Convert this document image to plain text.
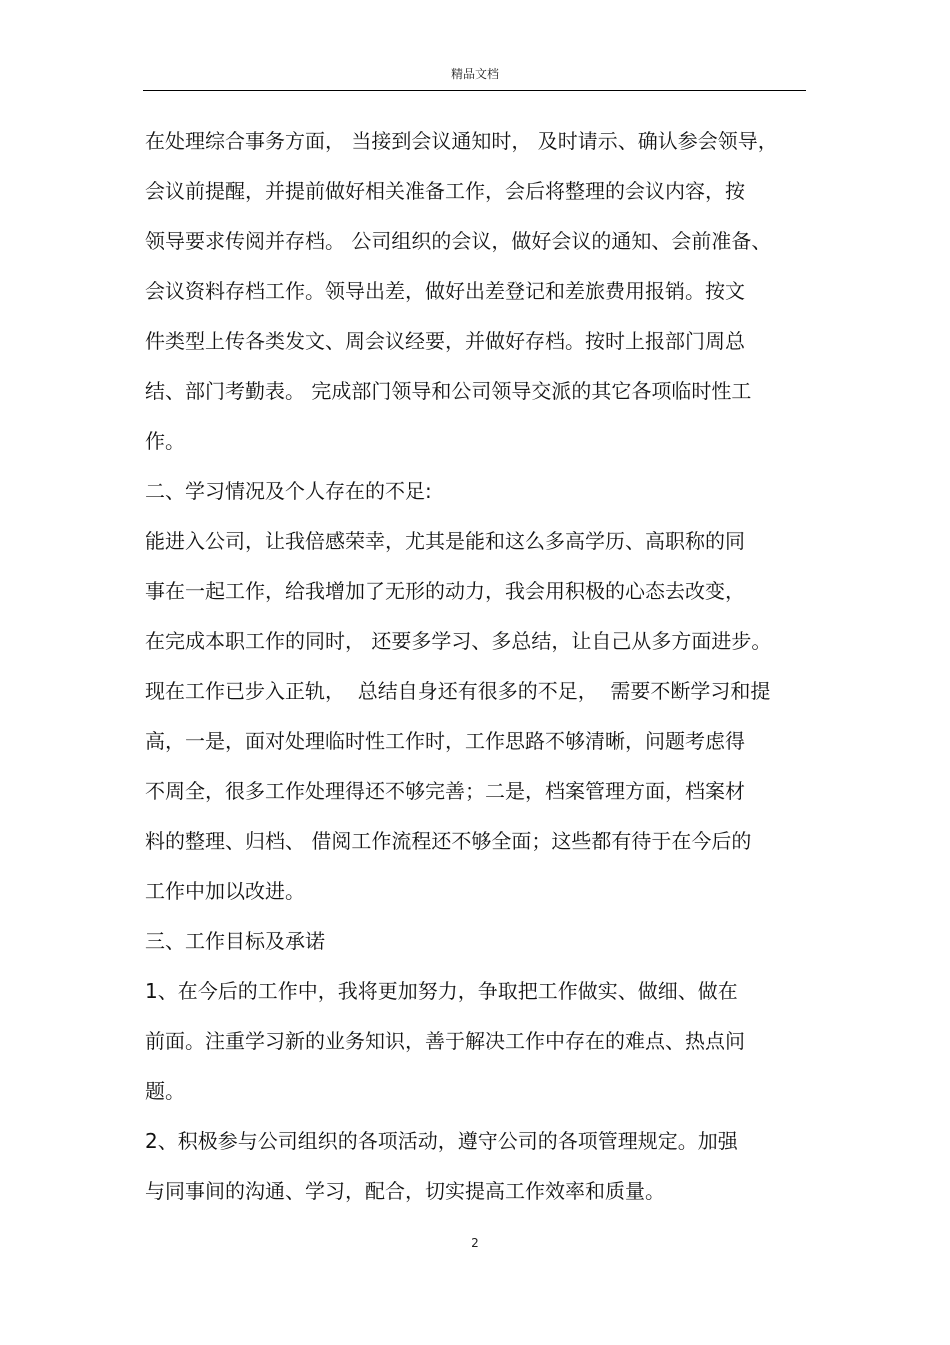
精品文档
在处理综合事务方面， 当接到会议通知时， 及时请示、确认参会领导，
会议前提醒，并提前做好相关准备工作，会后将整理的会议内容，按
领导要求传阅并存档。 公司组织的会议，做好会议的通知、会前准备、
会议资料存档工作。领导出差，做好出差登记和差旅费用报销。按文
件类型上传各类发文、周会议经要，并做好存档。按时上报部门周总
结、部门考勤表。 完成部门领导和公司领导交派的其它各项临时性工
作。
二、学习情况及个人存在的不足:
能进入公司，让我倍感荣幸，尤其是能和这么多高学历、高职称的同
事在一起工作，给我增加了无形的动力，我会用积极的心态去改变，
在完成本职工作的同时， 还要多学习、多总结，让自己从多方面进步。
现在工作已步入正轨，  总结自身还有很多的不足，  需要不断学习和提
高，一是，面对处理临时性工作时，工作思路不够清晰，问题考虑得
不周全，很多工作处理得还不够完善；二是，档案管理方面，档案材
料的整理、归档、 借阅工作流程还不够全面；这些都有待于在今后的
工作中加以改进。
三、工作目标及承诺
1、在今后的工作中，我将更加努力，争取把工作做实、做细、做在
前面。注重学习新的业务知识，善于解决工作中存在的难点、热点问
题。
2、积极参与公司组织的各项活动，遵守公司的各项管理规定。加强
与同事间的沟通、学习，配合，切实提高工作效率和质量。
2
